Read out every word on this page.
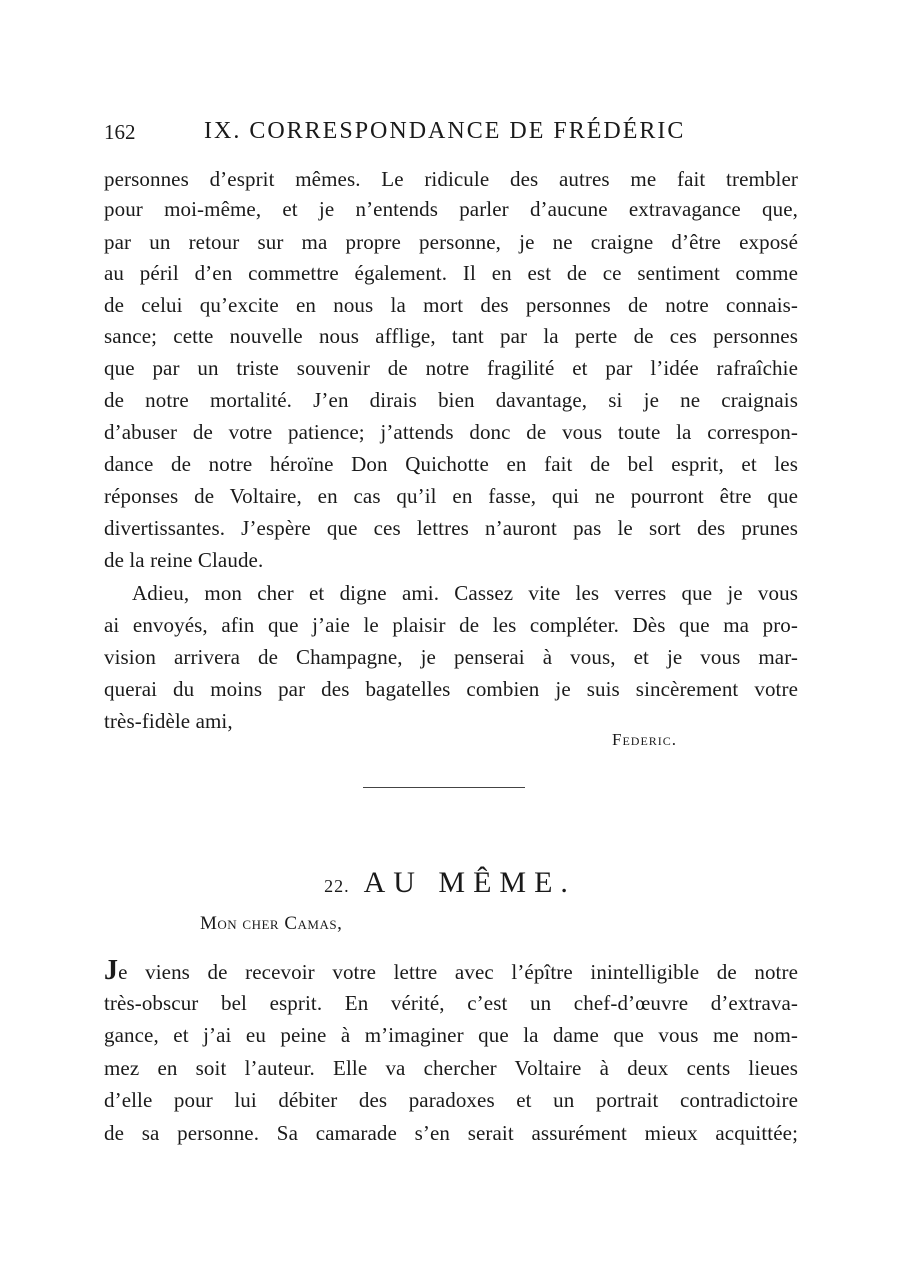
162	IX. CORRESPONDANCE DE FRÉDÉRIC
personnes d’esprit mêmes. Le ridicule des autres me fait trembler
pour moi-même, et je n’entends parler d’aucune extravagance que,
par un retour sur ma propre personne, je ne craigne d’être exposé
au péril d’en commettre également. Il en est de ce sentiment comme
de celui qu’excite en nous la mort des personnes de notre connais-
sance; cette nouvelle nous afflige, tant par la perte de ces personnes
que par un triste souvenir de notre fragilité et par l’idée rafraîchie
de notre mortalité. J’en dirais bien davantage, si je ne craignais
d’abuser de votre patience; j’attends donc de vous toute la correspon-
dance de notre héroïne Don Quichotte en fait de bel esprit, et les
réponses de Voltaire, en cas qu’il en fasse, qui ne pourront être que
divertissantes. J’espère que ces lettres n’auront pas le sort des prunes
de la reine Claude.
Adieu, mon cher et digne ami. Cassez vite les verres que je vous
ai envoyés, afin que j’aie le plaisir de les compléter. Dès que ma pro-
vision arrivera de Champagne, je penserai à vous, et je vous mar-
querai du moins par des bagatelles combien je suis sincèrement votre
très-fidèle ami,
Federic.
22. AU MÊME.
Mon cher Camas,
Je viens de recevoir votre lettre avec l’épître inintelligible de notre
très-obscur bel esprit. En vérité, c’est un chef-d’œuvre d’extrava-
gance, et j’ai eu peine à m’imaginer que la dame que vous me nom-
mez en soit l’auteur. Elle va chercher Voltaire à deux cents lieues
d’elle pour lui débiter des paradoxes et un portrait contradictoire
de sa personne. Sa camarade s’en serait assurément mieux acquittée;
